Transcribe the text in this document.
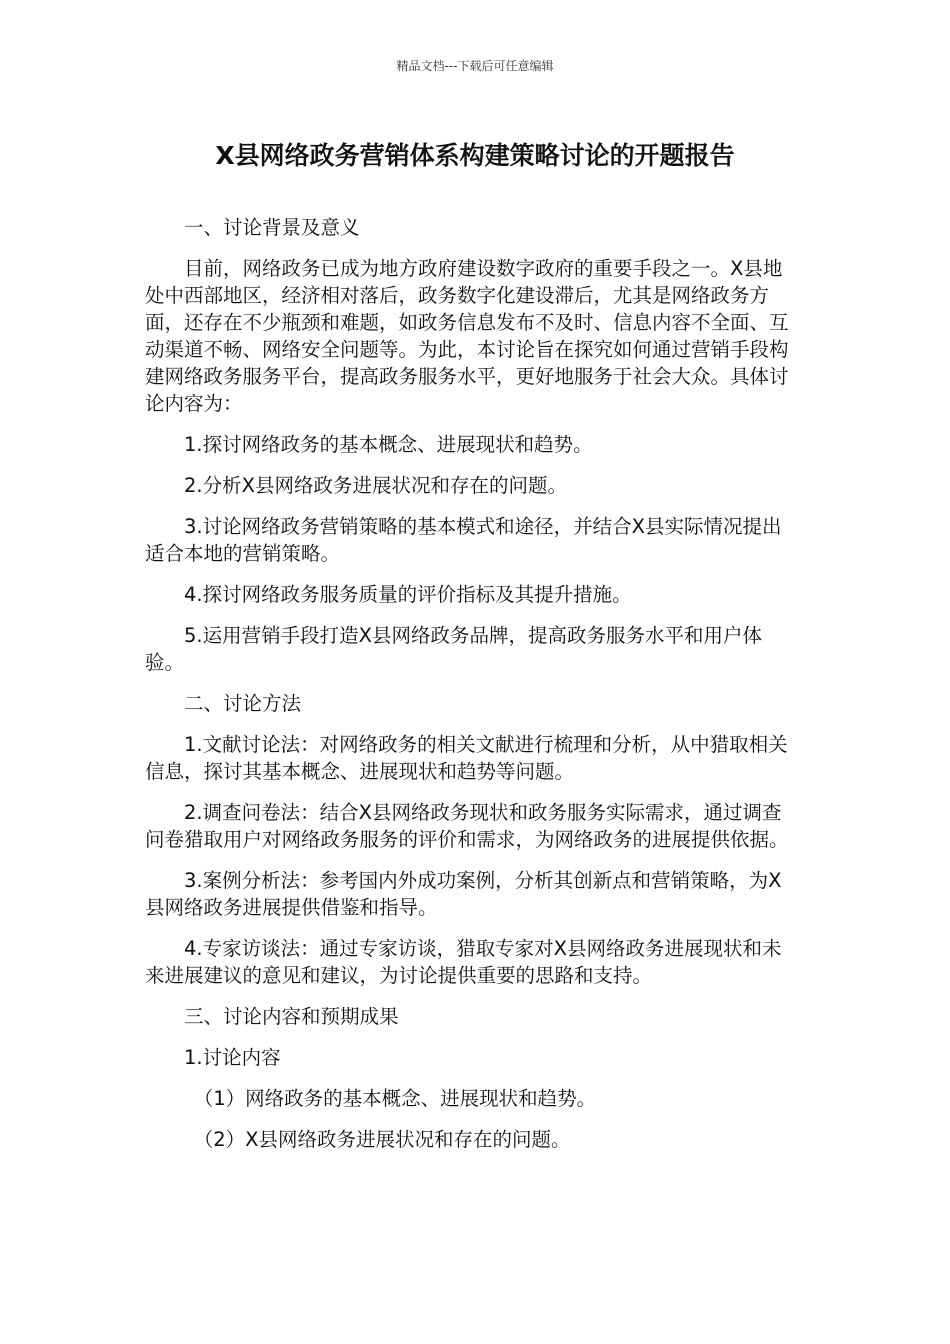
精品文档---下载后可任意编辑
X县网络政务营销体系构建策略讨论的开题报告

一、讨论背景及意义

目前，网络政务已成为地方政府建设数字政府的重要手段之一。X县地处中西部地区，经济相对落后，政务数字化建设滞后，尤其是网络政务方面，还存在不少瓶颈和难题，如政务信息发布不及时、信息内容不全面、互动渠道不畅、网络安全问题等。为此，本讨论旨在探究如何通过营销手段构建网络政务服务平台，提高政务服务水平，更好地服务于社会大众。具体讨论内容为：

1.探讨网络政务的基本概念、进展现状和趋势。

2.分析X县网络政务进展状况和存在的问题。

3.讨论网络政务营销策略的基本模式和途径，并结合X县实际情况提出适合本地的营销策略。

4.探讨网络政务服务质量的评价指标及其提升措施。

5.运用营销手段打造X县网络政务品牌，提高政务服务水平和用户体验。

二、讨论方法

1.文献讨论法：对网络政务的相关文献进行梳理和分析，从中猎取相关信息，探讨其基本概念、进展现状和趋势等问题。

2.调查问卷法：结合X县网络政务现状和政务服务实际需求，通过调查问卷猎取用户对网络政务服务的评价和需求，为网络政务的进展提供依据。

3.案例分析法：参考国内外成功案例，分析其创新点和营销策略，为X县网络政务进展提供借鉴和指导。

4.专家访谈法：通过专家访谈，猎取专家对X县网络政务进展现状和未来进展建议的意见和建议，为讨论提供重要的思路和支持。

三、讨论内容和预期成果

1.讨论内容

（1）网络政务的基本概念、进展现状和趋势。

（2）X县网络政务进展状况和存在的问题。
